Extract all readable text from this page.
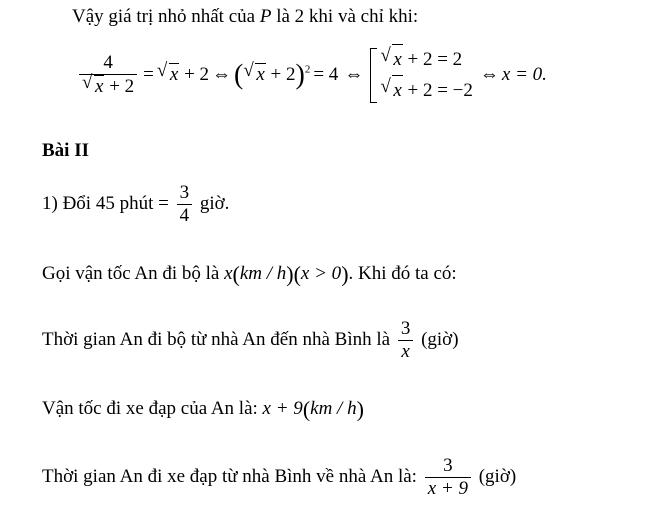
Vậy giá trị nhỏ nhất của P là 2 khi và chỉ khi:
$\frac{4}{√ x + 2}$ = √ x + 2 ⇔ ( √ x + 2)$^2$ = 4 ⇔
√ x + 2 = 2
√ x + 2 = −2
⇔ x = 0.
Bài II
1) Đổi 45 phút = $\frac{3}{4}$ giờ.
Gọi vận tốc An đi bộ là x(km / h)(x > 0). Khi đó ta có:
Thời gian An đi bộ từ nhà An đến nhà Bình là $\frac{3}{x}$ (giờ)
Vận tốc đi xe đạp của An là: x + 9(km / h)
Thời gian An đi xe đạp từ nhà Bình về nhà An là: $\frac{3}{x + 9}$ (giờ)
